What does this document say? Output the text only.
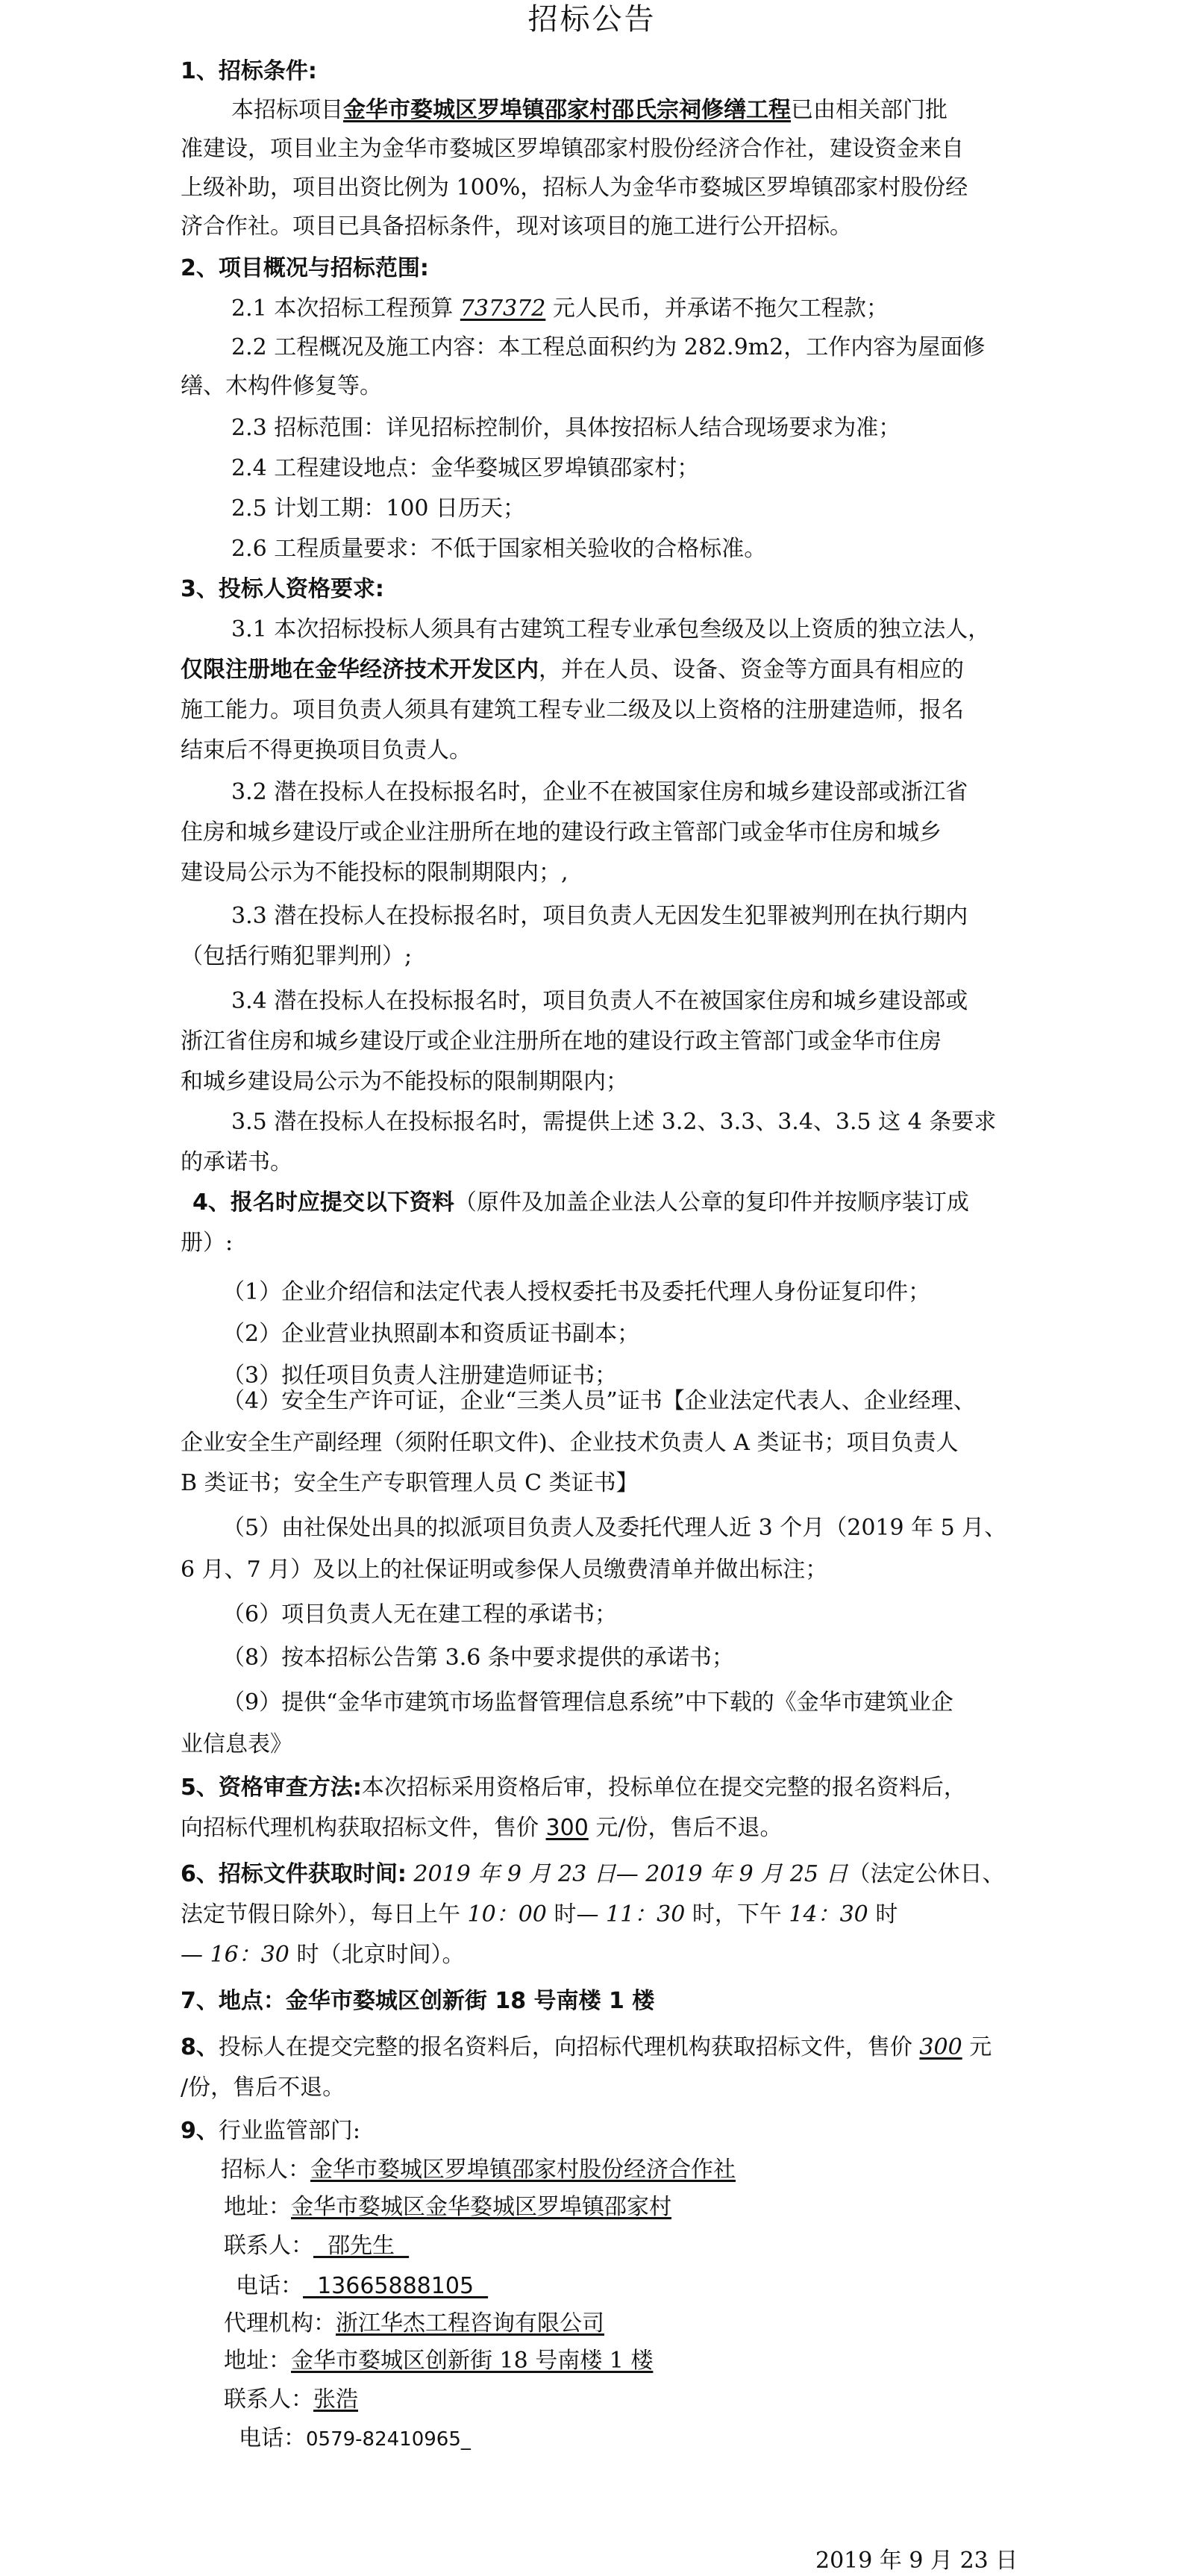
招标公告
1、招标条件:
本招标项目金华市婺城区罗埠镇邵家村邵氏宗祠修缮工程已由相关部门批
准建设，项目业主为金华市婺城区罗埠镇邵家村股份经济合作社，建设资金来自
上级补助，项目出资比例为 100%，招标人为金华市婺城区罗埠镇邵家村股份经
济合作社。项目已具备招标条件，现对该项目的施工进行公开招标。
2、项目概况与招标范围:
2.1 本次招标工程预算 737372 元人民币，并承诺不拖欠工程款；
2.2 工程概况及施工内容：本工程总面积约为 282.9m2，工作内容为屋面修
缮、木构件修复等。
2.3 招标范围：详见招标控制价，具体按招标人结合现场要求为准；
2.4 工程建设地点：金华婺城区罗埠镇邵家村；
2.5 计划工期：100 日历天；
2.6 工程质量要求：不低于国家相关验收的合格标准。
3、投标人资格要求:
3.1 本次招标投标人须具有古建筑工程专业承包叁级及以上资质的独立法人，
仅限注册地在金华经济技术开发区内，并在人员、设备、资金等方面具有相应的
施工能力。项目负责人须具有建筑工程专业二级及以上资格的注册建造师，报名
结束后不得更换项目负责人。
3.2 潜在投标人在投标报名时，企业不在被国家住房和城乡建设部或浙江省
住房和城乡建设厅或企业注册所在地的建设行政主管部门或金华市住房和城乡
建设局公示为不能投标的限制期限内；,
3.3 潜在投标人在投标报名时，项目负责人无因发生犯罪被判刑在执行期内
（包括行贿犯罪判刑）;
3.4 潜在投标人在投标报名时，项目负责人不在被国家住房和城乡建设部或
浙江省住房和城乡建设厅或企业注册所在地的建设行政主管部门或金华市住房
和城乡建设局公示为不能投标的限制期限内；
3.5 潜在投标人在投标报名时，需提供上述 3.2、3.3、3.4、3.5 这 4 条要求
的承诺书。
4、报名时应提交以下资料（原件及加盖企业法人公章的复印件并按顺序装订成
册）:
（1）企业介绍信和法定代表人授权委托书及委托代理人身份证复印件；
（2）企业营业执照副本和资质证书副本；
（3）拟任项目负责人注册建造师证书；
（4）安全生产许可证，企业“三类人员”证书【企业法定代表人、企业经理、
企业安全生产副经理（须附任职文件)、企业技术负责人 A 类证书；项目负责人
B 类证书；安全生产专职管理人员 C 类证书】
（5）由社保处出具的拟派项目负责人及委托代理人近 3 个月（2019 年 5 月、
6 月、7 月）及以上的社保证明或参保人员缴费清单并做出标注；
（6）项目负责人无在建工程的承诺书；
（8）按本招标公告第 3.6 条中要求提供的承诺书；
（9）提供“金华市建筑市场监督管理信息系统”中下载的《金华市建筑业企
业信息表》
5、资格审查方法:本次招标采用资格后审，投标单位在提交完整的报名资料后，
向招标代理机构获取招标文件，售价 300 元/份，售后不退。
6、招标文件获取时间: 2019 年 9 月 23 日— 2019 年 9 月 25 日（法定公休日、
法定节假日除外），每日上午 10：00 时— 11：30 时，下午 14：30 时
— 16：30 时（北京时间）。
7、地点：金华市婺城区创新街 18 号南楼 1 楼
8、投标人在提交完整的报名资料后，向招标代理机构获取招标文件，售价 300 元
/份，售后不退。
9、行业监管部门:
招标人：金华市婺城区罗埠镇邵家村股份经济合作社
地址：金华市婺城区金华婺城区罗埠镇邵家村
联系人：  邵先生
电话：  13665888105
代理机构：浙江华杰工程咨询有限公司
地址：金华市婺城区创新街 18 号南楼 1 楼
联系人：张浩
电话：0579-82410965_
2019 年 9 月 23 日
